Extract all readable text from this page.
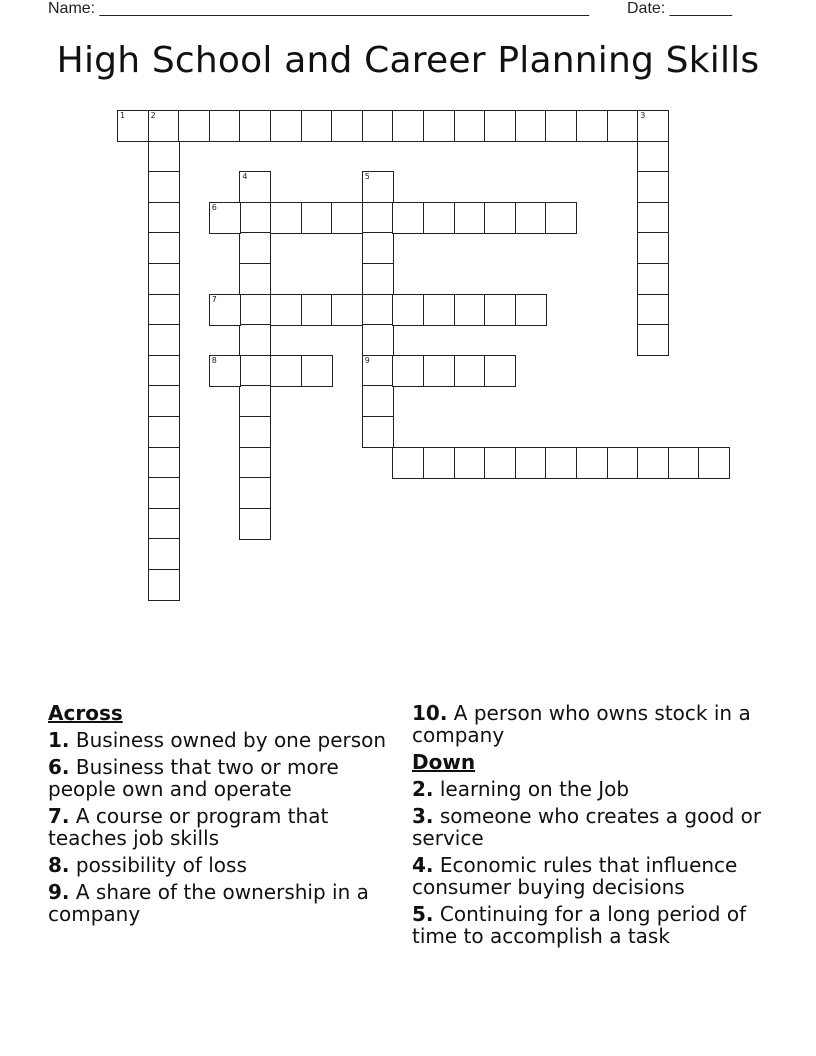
Name: _______________________________________________________ Date: _______
High School and Career Planning Skills
1	2	3
4	5
9
6
7
8
Across
1. Business owned by one person
6. Business that two or more people own and operate
7. A course or program that teaches job skills
8. possibility of loss
9. A share of the ownership in a company
10. A person who owns stock in a company
Down
2. learning on the Job
3. someone who creates a good or service
4. Economic rules that influence consumer buying decisions
5. Continuing for a long period of time to accomplish a task
